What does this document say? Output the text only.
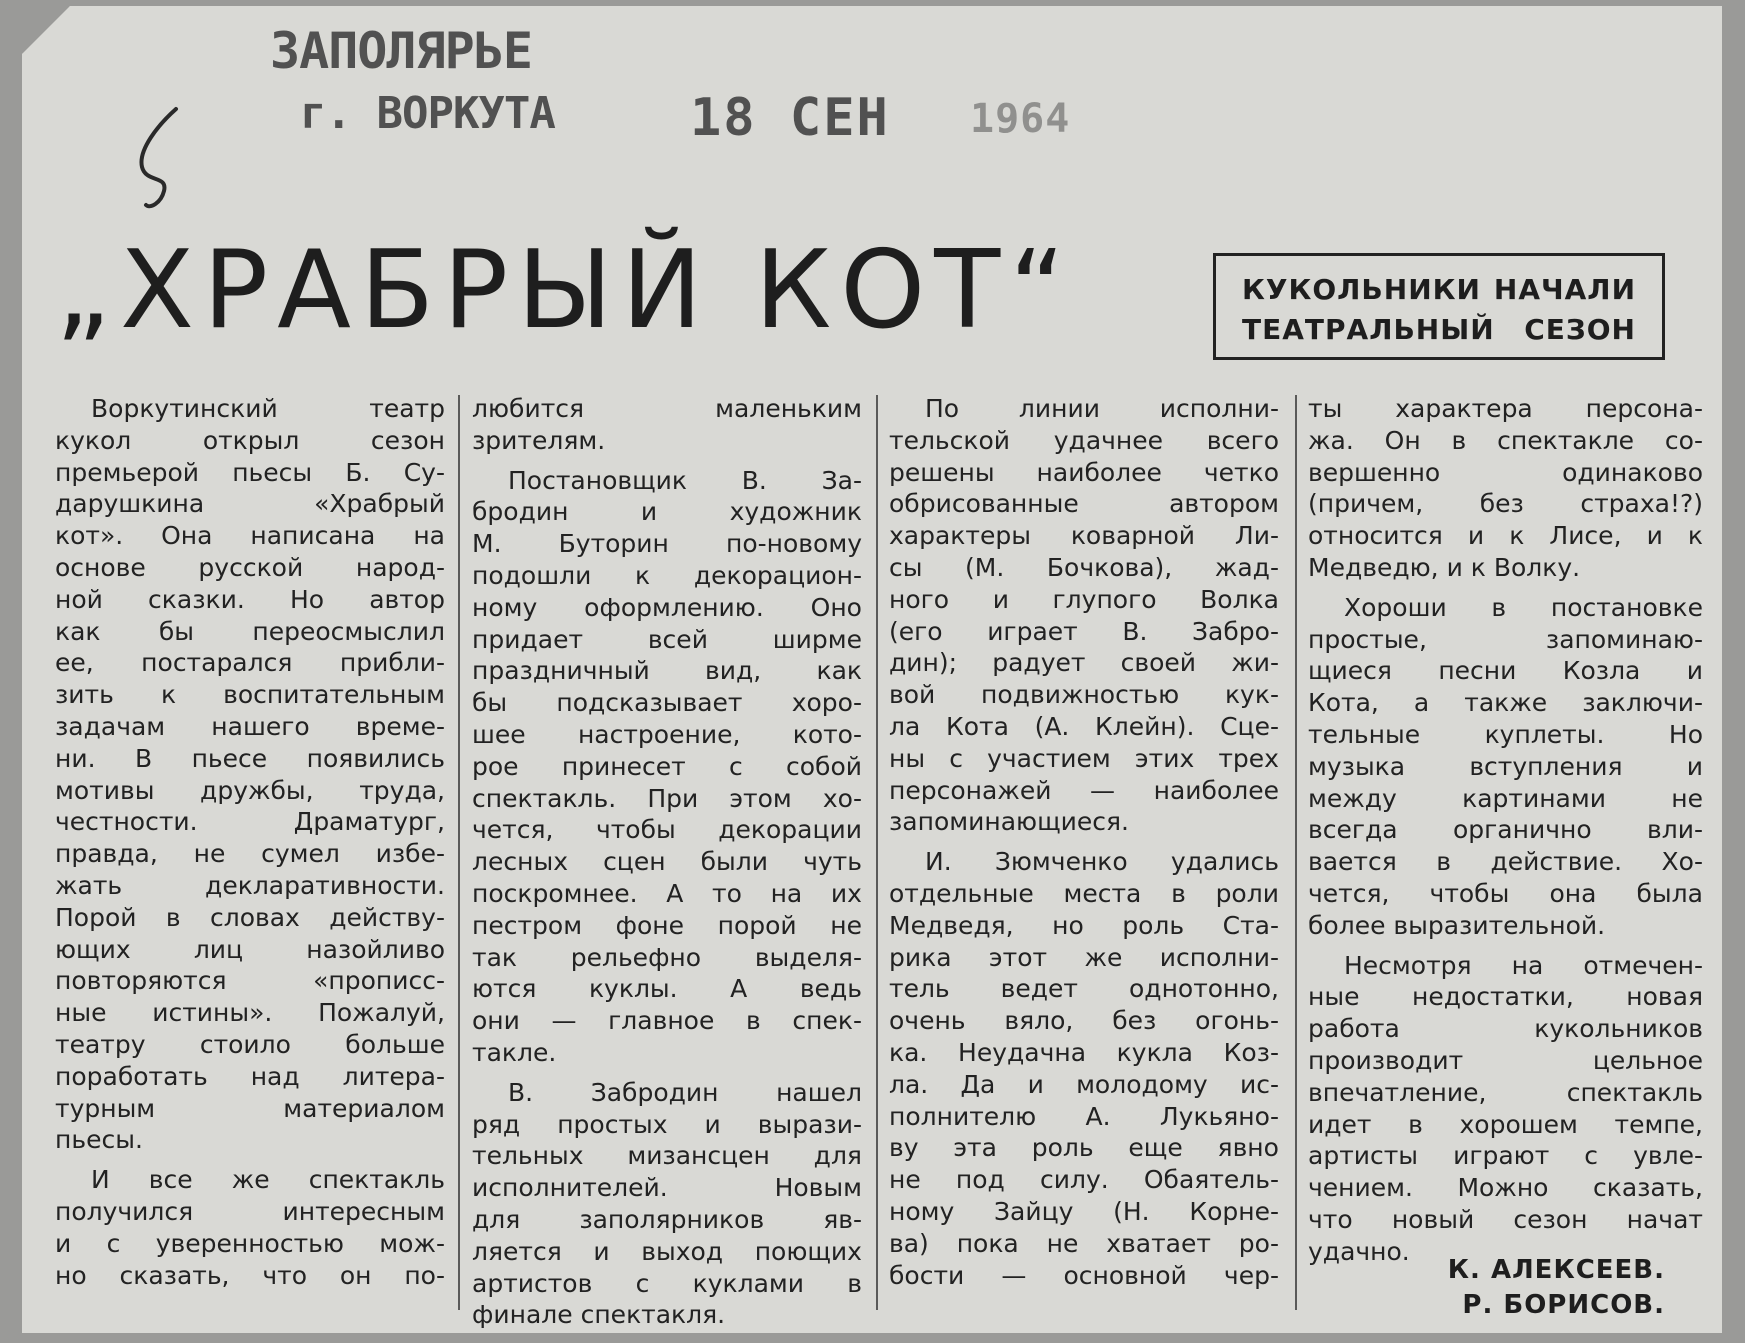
ЗАПОЛЯРЬЕ
г. ВОРКУТА	18 СЕН 1964
„ХРАБРЫЙ КОТ“	КУКОЛЬНИКИ НАЧАЛИ
ТЕАТРАЛЬНЫЙ СЕЗОН
Воркутинский	театр
кукол	открыл	сезон
премьерой пьесы Б. Су-
дарушкина	«Храбрый
кот». Она написана на
основе русской народ-
ной сказки. Но автор
как бы переосмыслил
ее, постарался прибли-
зить к воспитательным
задачам нашего време-
ни. В пьесе появились
мотивы дружбы, труда,
честности.	Драматург,
правда, не сумел избе-
жать	декларативности.
Порой в словах действу-
ющих	лиц	назойливо
повторяются	«прописс-
ные истины». Пожалуй,
театру стоило больше
поработать над литера-
турным	материалом
пьесы.
И все же спектакль
получился	интересным
и с уверенностью мож-
но сказать, что он по-
любится	маленьким
зрителям.
Постановщик В. За-
бродин	и	художник
М. Буторин по-новому
подошли к декорацион-
ному оформлению. Оно
придает	всей	ширме
праздничный вид, как
бы подсказывает хоро-
шее настроение, кото-
рое принесет с собой
спектакль. При этом хо-
чется, чтобы декорации
лесных сцен были чуть
поскромнее. А то на их
пестром фоне порой не
так рельефно выделя-
ются куклы. А ведь
они — главное в спек-
такле.
В. Забродин нашел
ряд простых и вырази-
тельных мизансцен для
исполнителей.	Новым
для заполярников яв-
ляется и выход поющих
артистов с куклами в
финале спектакля.
По линии исполни-
тельской удачнее всего
решены наиболее четко
обрисованные	автором
характеры коварной Ли-
сы (М. Бочкова), жад-
ного и глупого Волка
(его играет В. Забро-
дин); радует своей жи-
вой подвижностью кук-
ла Кота (А. Клейн). Сце-
ны с участием этих трех
персонажей — наиболее
запоминающиеся.
И. Зюмченко удались
отдельные места в роли
Медведя, но роль Ста-
рика этот же исполни-
тель ведет однотонно,
очень вяло, без огонь-
ка. Неудачна кукла Коз-
ла. Да и молодому ис-
полнителю А. Лукьяно-
ву эта роль еще явно
не под силу. Обаятель-
ному Зайцу (Н. Корне-
ва) пока не хватает ро-
бости — основной чер-
ты характера персона-
жа. Он в спектакле со-
вершенно	одинаково
(причем, без страха!?)
относится и к Лисе, и к
Медведю, и к Волку.
Хороши в постановке
простые,	запоминаю-
щиеся песни Козла и
Кота, а также заключи-
тельные	куплеты.	Но
музыка	вступления	и
между	картинами	не
всегда органично вли-
вается в действие. Хо-
чется, чтобы она была
более выразительной.
Несмотря на отмечен-
ные недостатки, новая
работа	кукольников
производит	цельное
впечатление,	спектакль
идет в хорошем темпе,
артисты играют с увле-
чением. Можно сказать,
что новый сезон начат
удачно.
К. АЛЕКСЕЕВ.
Р. БОРИСОВ.
